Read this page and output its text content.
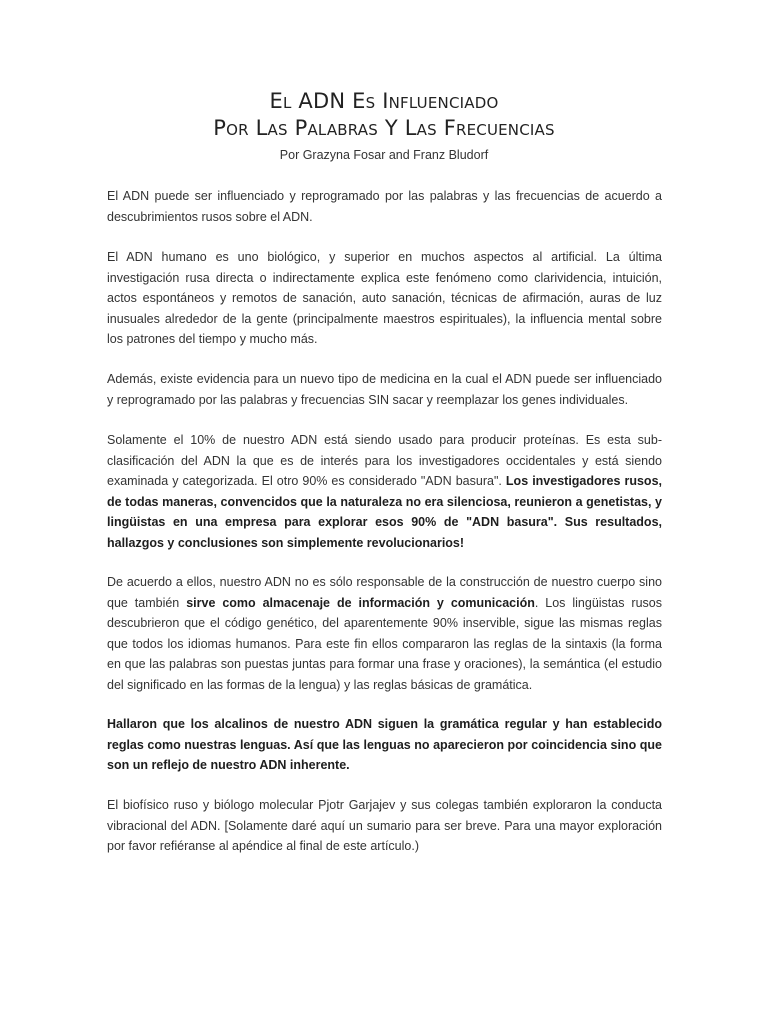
El ADN Es Influenciado
Por Las Palabras Y Las Frecuencias
Por Grazyna Fosar and Franz Bludorf

El ADN puede ser influenciado y reprogramado por las palabras y las frecuencias de acuerdo a descubrimientos rusos sobre el ADN.

El ADN humano es uno biológico, y superior en muchos aspectos al artificial. La última investigación rusa directa o indirectamente explica este fenómeno como clarividencia, intuición, actos espontáneos y remotos de sanación, auto sanación, técnicas de afirmación, auras de luz inusuales alrededor de la gente (principalmente maestros espirituales), la influencia mental sobre los patrones del tiempo y mucho más.

Además, existe evidencia para un nuevo tipo de medicina en la cual el ADN puede ser influenciado y reprogramado por las palabras y frecuencias SIN sacar y reemplazar los genes individuales.

Solamente el 10% de nuestro ADN está siendo usado para producir proteínas. Es esta sub-clasificación del ADN la que es de interés para los investigadores occidentales y está siendo examinada y categorizada. El otro 90% es considerado "ADN basura". Los investigadores rusos, de todas maneras, convencidos que la naturaleza no era silenciosa, reunieron a genetistas, y lingüistas en una empresa para explorar esos 90% de "ADN basura". Sus resultados, hallazgos y conclusiones son simplemente revolucionarios!

De acuerdo a ellos, nuestro ADN no es sólo responsable de la construcción de nuestro cuerpo sino que también sirve como almacenaje de información y comunicación. Los lingüistas rusos descubrieron que el código genético, del aparentemente 90% inservible, sigue las mismas reglas que todos los idiomas humanos. Para este fin ellos compararon las reglas de la sintaxis (la forma en que las palabras son puestas juntas para formar una frase y oraciones), la semántica (el estudio del significado en las formas de la lengua) y las reglas básicas de gramática.

Hallaron que los alcalinos de nuestro ADN siguen la gramática regular y han establecido reglas como nuestras lenguas. Así que las lenguas no aparecieron por coincidencia sino que son un reflejo de nuestro ADN inherente.

El biofísico ruso y biólogo molecular Pjotr Garjajev y sus colegas también exploraron la conducta vibracional del ADN. [Solamente daré aquí un sumario para ser breve. Para una mayor exploración por favor refiéranse al apéndice al final de este artículo.)
